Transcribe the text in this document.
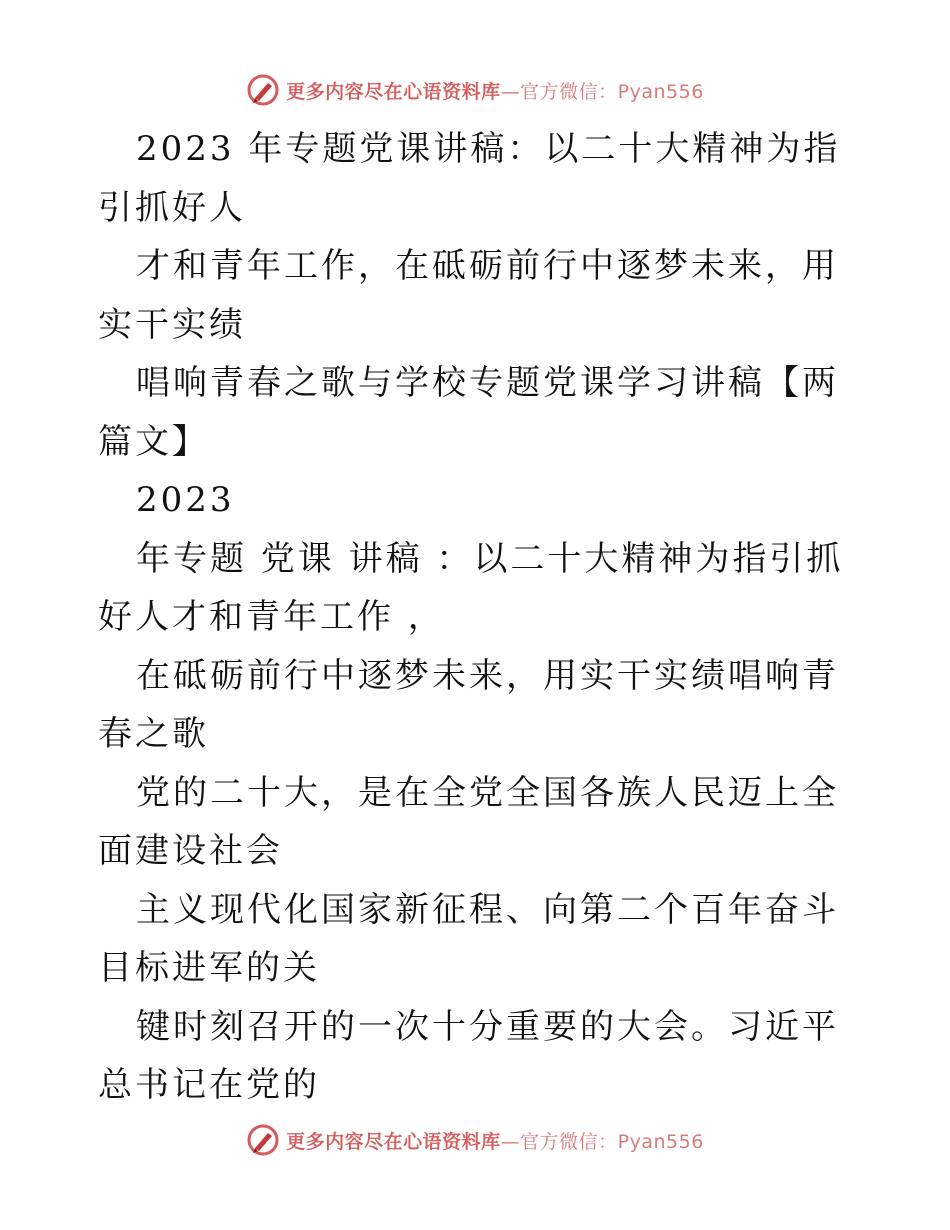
更多内容尽在心语资料库—官方微信：Pyan556

2023 年专题党课讲稿：以二十大精神为指引抓好人

才和青年工作，在砥砺前行中逐梦未来，用实干实绩

唱响青春之歌与学校专题党课学习讲稿【两篇文】

2023

年专题 党课 讲稿 ：以二十大精神为指引抓好人才和青年工作 ，

在砥砺前行中逐梦未来，用实干实绩唱响青春之歌

党的二十大，是在全党全国各族人民迈上全面建设社会

主义现代化国家新征程、向第二个百年奋斗目标进军的关

键时刻召开的一次十分重要的大会。习近平总书记在党的

更多内容尽在心语资料库—官方微信：Pyan556
